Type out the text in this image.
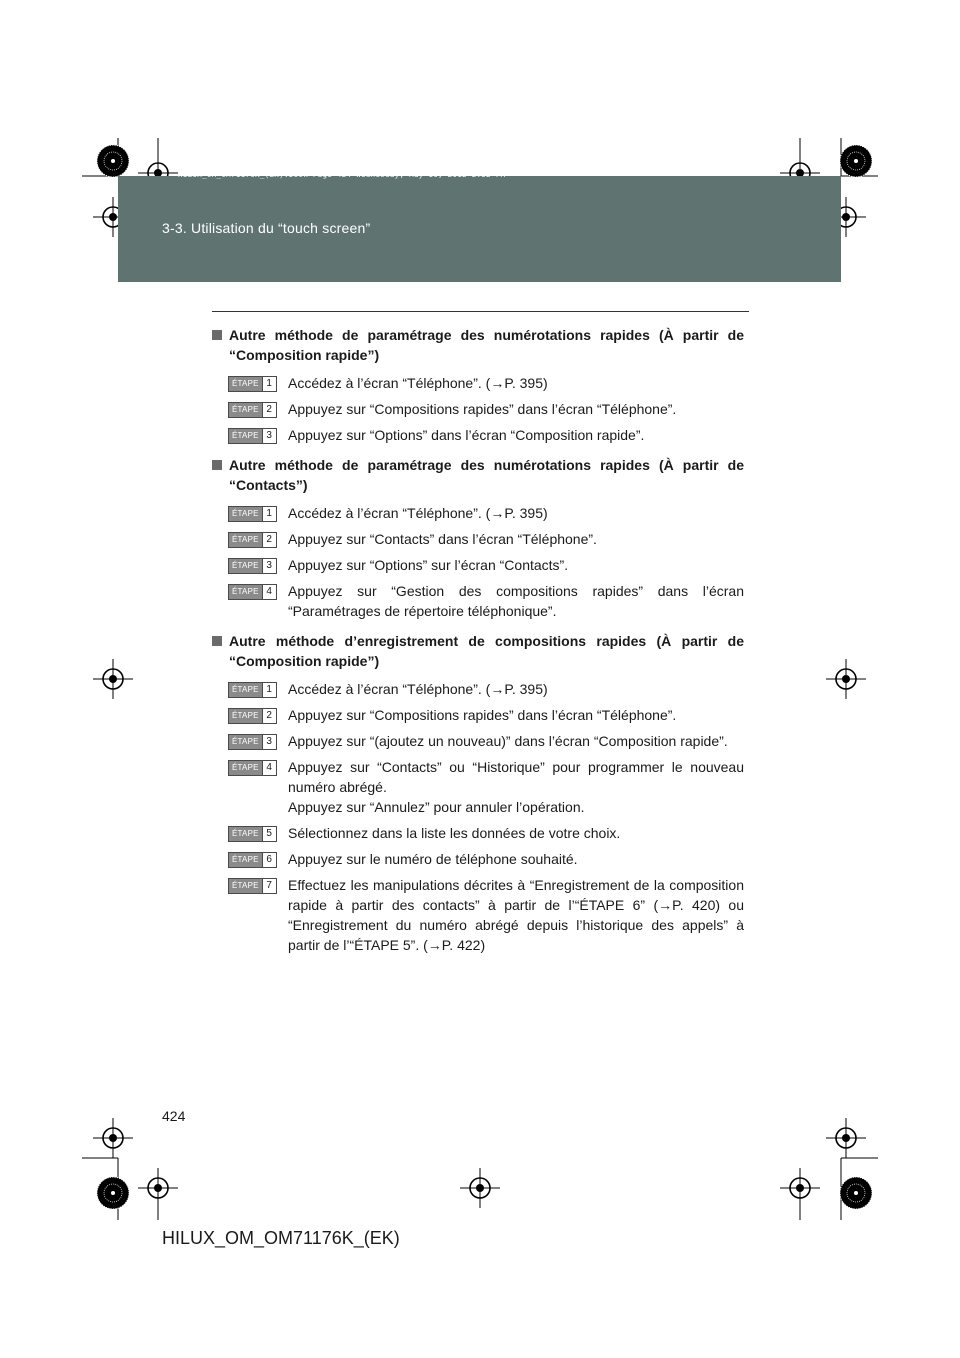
HILUX_OM_OM71176K_(EK).book Page 424 Wednesday, May 16, 2012 2:32 PM
3-3. Utilisation du “touch screen”
Autre méthode de paramétrage des numérotations rapides (À partir de “Composition rapide”)
ÉTAPE 1 Accédez à l’écran “Téléphone”. (→P. 395)
ÉTAPE 2 Appuyez sur “Compositions rapides” dans l’écran “Téléphone”.
ÉTAPE 3 Appuyez sur “Options” dans l’écran “Composition rapide”.
Autre méthode de paramétrage des numérotations rapides (À partir de “Contacts”)
ÉTAPE 1 Accédez à l’écran “Téléphone”. (→P. 395)
ÉTAPE 2 Appuyez sur “Contacts” dans l’écran “Téléphone”.
ÉTAPE 3 Appuyez sur “Options” sur l’écran “Contacts”.
ÉTAPE 4 Appuyez sur “Gestion des compositions rapides” dans l’écran “Paramétrages de répertoire téléphonique”.
Autre méthode d’enregistrement de compositions rapides (À partir de “Composition rapide”)
ÉTAPE 1 Accédez à l’écran “Téléphone”. (→P. 395)
ÉTAPE 2 Appuyez sur “Compositions rapides” dans l’écran “Téléphone”.
ÉTAPE 3 Appuyez sur “(ajoutez un nouveau)” dans l’écran “Composition rapide”.
ÉTAPE 4 Appuyez sur “Contacts” ou “Historique” pour programmer le nouveau numéro abrégé.
Appuyez sur “Annulez” pour annuler l’opération.
ÉTAPE 5 Sélectionnez dans la liste les données de votre choix.
ÉTAPE 6 Appuyez sur le numéro de téléphone souhaité.
ÉTAPE 7 Effectuez les manipulations décrites à “Enregistrement de la composition rapide à partir des contacts” à partir de l’“ÉTAPE 6” (→P. 420) ou “Enregistrement du numéro abrégé depuis l’historique des appels” à partir de l’“ÉTAPE 5”. (→P. 422)
424
HILUX_OM_OM71176K_(EK)
